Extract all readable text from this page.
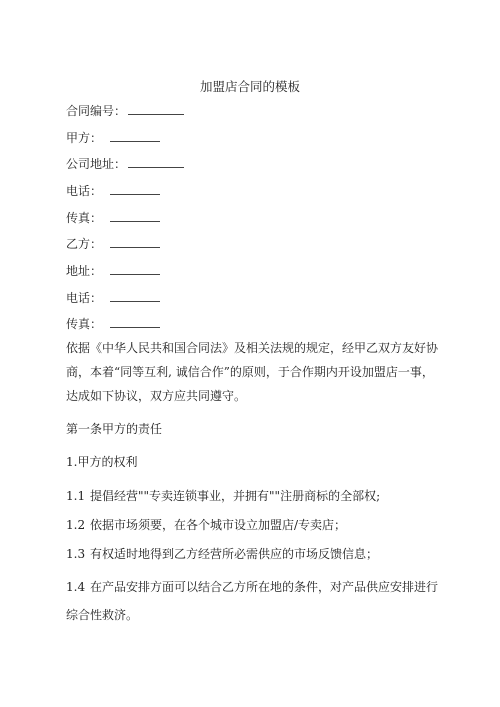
加盟店合同的模板
合同编号：
甲方：
公司地址：
电话：
传真：
乙方：
地址：
电话：
传真：
依据《中华人民共和国合同法》及相关法规的规定，经甲乙双方友好协商，本着“同等互利, 诚信合作”的原则，于合作期内开设加盟店一事，达成如下协议，双方应共同遵守。
第一条甲方的责任
1.甲方的权利
1.1 提倡经营""专卖连锁事业，并拥有""注册商标的全部权;
1.2 依据市场须要，在各个城市设立加盟店/专卖店；
1.3 有权适时地得到乙方经营所必需供应的市场反馈信息；
1.4 在产品安排方面可以结合乙方所在地的条件，对产品供应安排进行综合性救济。
